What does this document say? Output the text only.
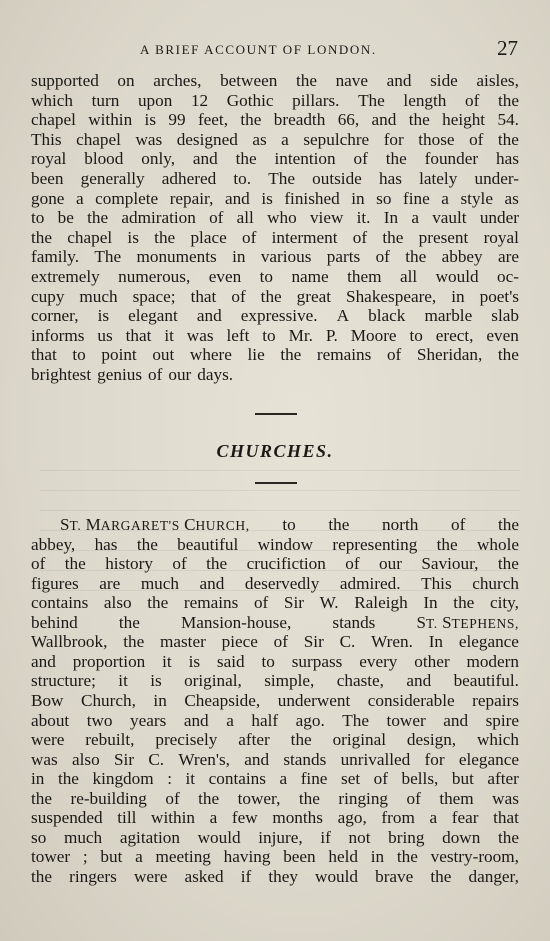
A BRIEF ACCOUNT OF LONDON.	27
supported on arches, between the nave and side aisles,
which turn upon 12 Gothic pillars. The length of the
chapel within is 99 feet, the breadth 66, and the height 54.
This chapel was designed as a sepulchre for those of the
royal blood only, and the intention of the founder has
been generally adhered to. The outside has lately under-
gone a complete repair, and is finished in so fine a style as
to be the admiration of all who view it. In a vault under
the chapel is the place of interment of the present royal
family. The monuments in various parts of the abbey are
extremely numerous, even to name them all would oc-
cupy much space; that of the great Shakespeare, in poet's
corner, is elegant and expressive. A black marble slab
informs us that it was left to Mr. P. Moore to erect, even
that to point out where lie the remains of Sheridan, the
brightest genius of our days.
CHURCHES.
ST. MARGARET'S CHURCH, to the north of the
abbey, has the beautiful window representing the whole
of the history of the crucifiction of our Saviour, the
figures are much and deservedly admired. This church
contains also the remains of Sir W. Raleigh In the city,
behind the Mansion-house, stands ST. STEPHENS,
Wallbrook, the master piece of Sir C. Wren. In elegance
and proportion it is said to surpass every other modern
structure; it is original, simple, chaste, and beautiful.
Bow Church, in Cheapside, underwent considerable repairs
about two years and a half ago. The tower and spire
were rebuilt, precisely after the original design, which
was also Sir C. Wren's, and stands unrivalled for elegance
in the kingdom : it contains a fine set of bells, but after
the re-building of the tower, the ringing of them was
suspended till within a few months ago, from a fear that
so much agitation would injure, if not bring down the
tower ; but a meeting having been held in the vestry-room,
the ringers were asked if they would brave the danger,
